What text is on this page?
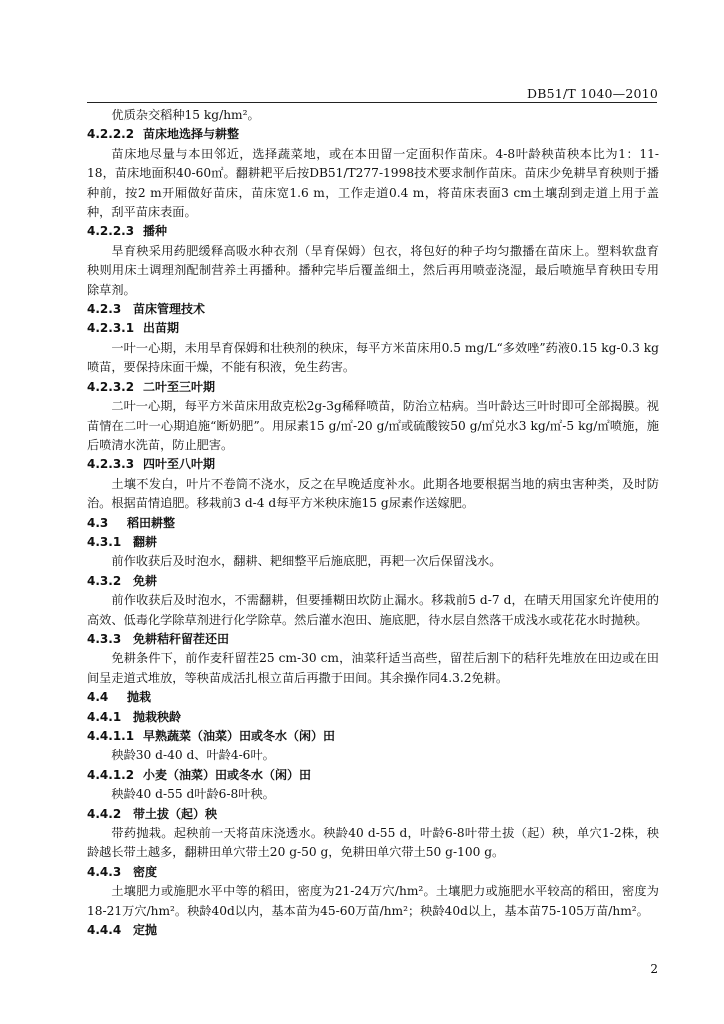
DB51/T 1040—2010

优质杂交稻种15 kg/hm²。

4.2.2.2 苗床地选择与耕整

苗床地尽量与本田邻近，选择蔬菜地，或在本田留一定面积作苗床。4-8叶龄秧苗秧本比为1：11-18，苗床地面积40-60㎡。翻耕耙平后按DB51/T277-1998技术要求制作苗床。苗床少免耕旱育秧则于播种前，按2 m开厢做好苗床，苗床宽1.6 m，工作走道0.4 m，将苗床表面3 cm土壤刮到走道上用于盖种，刮平苗床表面。

4.2.2.3 播种

旱育秧采用药肥缓释高吸水种衣剂（旱育保姆）包衣，将包好的种子均匀撒播在苗床上。塑料软盘育秧则用床土调理剂配制营养土再播种。播种完毕后覆盖细土，然后再用喷壶浇湿，最后喷施旱育秧田专用除草剂。

4.2.3 苗床管理技术
4.2.3.1 出苗期

一叶一心期，未用旱育保姆和壮秧剂的秧床，每平方米苗床用0.5 mg/L“多效唑”药液0.15 kg-0.3 kg喷苗，要保持床面干燥，不能有积液，免生药害。

4.2.3.2 二叶至三叶期

二叶一心期，每平方米苗床用敌克松2g-3g稀释喷苗，防治立枯病。当叶龄达三叶时即可全部揭膜。视苗情在二叶一心期追施“断奶肥”。用尿素15 g/㎡-20 g/㎡或硫酸铵50 g/㎡兑水3 kg/㎡-5 kg/㎡喷施，施后喷清水洗苗，防止肥害。

4.2.3.3 四叶至八叶期

土壤不发白，叶片不卷筒不浇水，反之在早晚适度补水。此期各地要根据当地的病虫害种类，及时防治。根据苗情追肥。移栽前3 d-4 d每平方米秧床施15 g尿素作送嫁肥。

4.3 稻田耕整
4.3.1 翻耕

前作收获后及时泡水，翻耕、耙细整平后施底肥，再耙一次后保留浅水。

4.3.2 免耕

前作收获后及时泡水，不需翻耕，但要捶糊田坎防止漏水。移栽前5 d-7 d，在晴天用国家允许使用的高效、低毒化学除草剂进行化学除草。然后灌水泡田、施底肥，待水层自然落干成浅水或花花水时抛秧。

4.3.3 免耕秸秆留茬还田

免耕条件下，前作麦秆留茬25 cm-30 cm，油菜秆适当高些，留茬后割下的秸秆先堆放在田边或在田间呈走道式堆放，等秧苗成活扎根立苗后再撒于田间。其余操作同4.3.2免耕。

4.4 抛栽
4.4.1 抛栽秧龄
4.4.1.1 早熟蔬菜（油菜）田或冬水（闲）田

秧龄30 d-40 d、叶龄4-6叶。

4.4.1.2 小麦（油菜）田或冬水（闲）田

秧龄40 d-55 d叶龄6-8叶秧。

4.4.2 带土拔（起）秧

带药抛栽。起秧前一天将苗床浇透水。秧龄40 d-55 d，叶龄6-8叶带土拔（起）秧，单穴1-2株，秧龄越长带土越多，翻耕田单穴带土20 g-50 g，免耕田单穴带土50 g-100 g。

4.4.3 密度

土壤肥力或施肥水平中等的稻田，密度为21-24万穴/hm²。土壤肥力或施肥水平较高的稻田，密度为18-21万穴/hm²。秧龄40d以内，基本苗为45-60万苗/hm²；秧龄40d以上，基本苗75-105万苗/hm²。

4.4.4 定抛
2
